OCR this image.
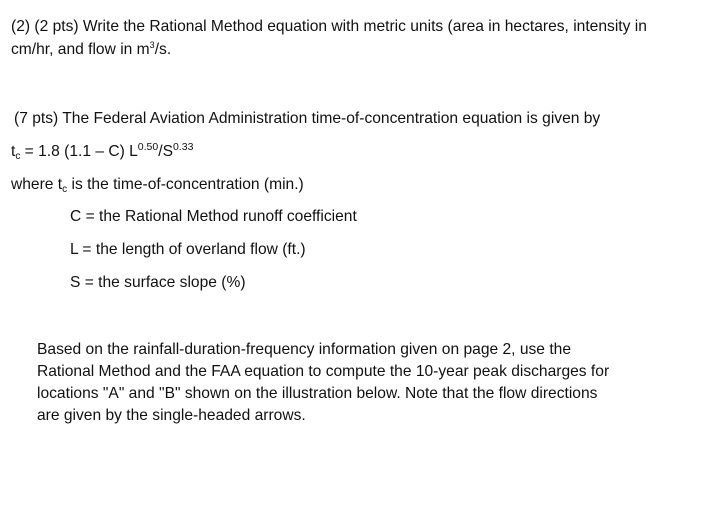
(2) (2 pts) Write the Rational Method equation with metric units (area in hectares, intensity in
cm/hr, and flow in $m^3/s$.
(7 pts) The Federal Aviation Administration time-of-concentration equation is given by
tc = 1.8 (1.1 – C) $L^{0.50}/S^{0.33}$
where tc is the time-of-concentration (min.)
C = the Rational Method runoff coefficient
L = the length of overland flow (ft.)
S = the surface slope (%)
Based on the rainfall-duration-frequency information given on page 2, use the
Rational Method and the FAA equation to compute the 10-year peak discharges for
locations "A" and "B" shown on the illustration below. Note that the flow directions
are given by the single-headed arrows.
